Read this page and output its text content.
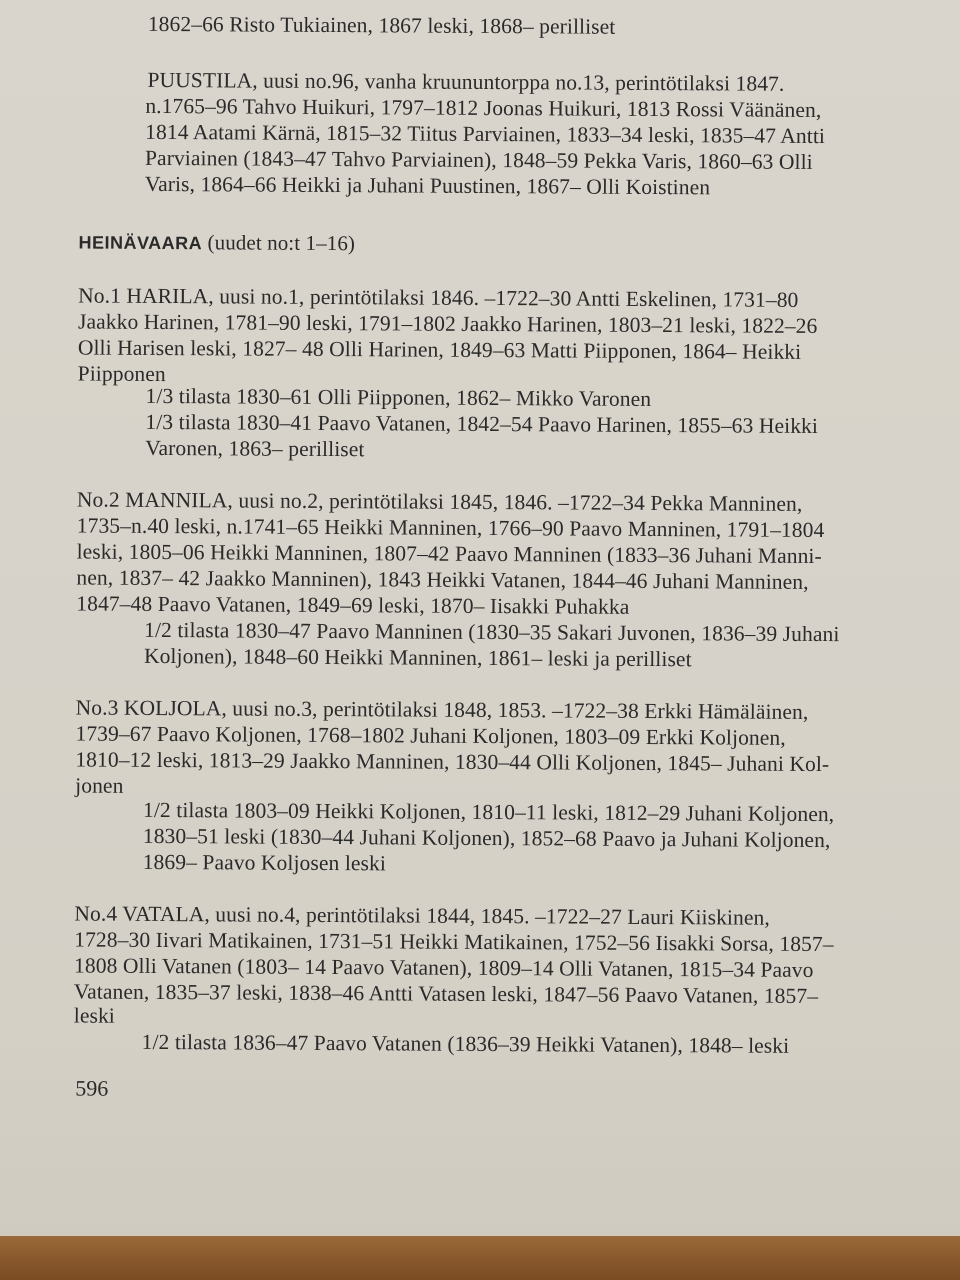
1862–66 Risto Tukiainen, 1867 leski, 1868– perilliset
PUUSTILA, uusi no.96, vanha kruununtorppa no.13, perintötilaksi 1847.
n.1765–96 Tahvo Huikuri, 1797–1812 Joonas Huikuri, 1813 Rossi Väänänen,
1814 Aatami Kärnä, 1815–32 Tiitus Parviainen, 1833–34 leski, 1835–47 Antti
Parviainen (1843–47 Tahvo Parviainen), 1848–59 Pekka Varis, 1860–63 Olli
Varis, 1864–66 Heikki ja Juhani Puustinen, 1867– Olli Koistinen
HEINÄVAARA (uudet no:t 1–16)
No.1 HARILA, uusi no.1, perintötilaksi 1846. –1722–30 Antti Eskelinen, 1731–80
Jaakko Harinen, 1781–90 leski, 1791–1802 Jaakko Harinen, 1803–21 leski, 1822–26
Olli Harisen leski, 1827– 48 Olli Harinen, 1849–63 Matti Piipponen, 1864– Heikki
Piipponen
1/3 tilasta 1830–61 Olli Piipponen, 1862– Mikko Varonen
1/3 tilasta 1830–41 Paavo Vatanen, 1842–54 Paavo Harinen, 1855–63 Heikki
Varonen, 1863– perilliset
No.2 MANNILA, uusi no.2, perintötilaksi 1845, 1846. –1722–34 Pekka Manninen,
1735–n.40 leski, n.1741–65 Heikki Manninen, 1766–90 Paavo Manninen, 1791–1804
leski, 1805–06 Heikki Manninen, 1807–42 Paavo Manninen (1833–36 Juhani Manni-
nen, 1837– 42 Jaakko Manninen), 1843 Heikki Vatanen, 1844–46 Juhani Manninen,
1847–48 Paavo Vatanen, 1849–69 leski, 1870– Iisakki Puhakka
1/2 tilasta 1830–47 Paavo Manninen (1830–35 Sakari Juvonen, 1836–39 Juhani
Koljonen), 1848–60 Heikki Manninen, 1861– leski ja perilliset
No.3 KOLJOLA, uusi no.3, perintötilaksi 1848, 1853. –1722–38 Erkki Hämäläinen,
1739–67 Paavo Koljonen, 1768–1802 Juhani Koljonen, 1803–09 Erkki Koljonen,
1810–12 leski, 1813–29 Jaakko Manninen, 1830–44 Olli Koljonen, 1845– Juhani Kol-
jonen
1/2 tilasta 1803–09 Heikki Koljonen, 1810–11 leski, 1812–29 Juhani Koljonen,
1830–51 leski (1830–44 Juhani Koljonen), 1852–68 Paavo ja Juhani Koljonen,
1869– Paavo Koljosen leski
No.4 VATALA, uusi no.4, perintötilaksi 1844, 1845. –1722–27 Lauri Kiiskinen,
1728–30 Iivari Matikainen, 1731–51 Heikki Matikainen, 1752–56 Iisakki Sorsa, 1857–
1808 Olli Vatanen (1803– 14 Paavo Vatanen), 1809–14 Olli Vatanen, 1815–34 Paavo
Vatanen, 1835–37 leski, 1838–46 Antti Vatasen leski, 1847–56 Paavo Vatanen, 1857–
leski
1/2 tilasta 1836–47 Paavo Vatanen (1836–39 Heikki Vatanen), 1848– leski
596
